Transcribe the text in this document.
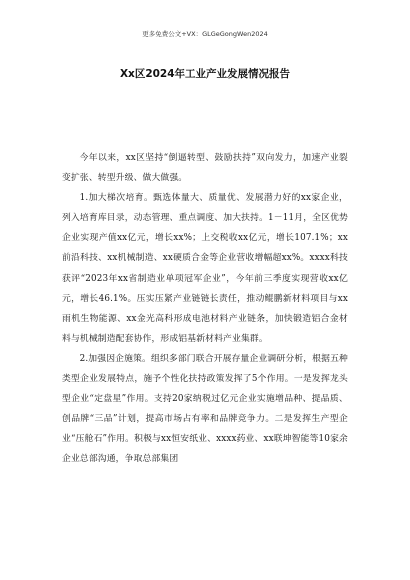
更多免费公文+VX：GLGeGongWen2024
Xx区2024年工业产业发展情况报告

今年以来，xx区坚持“倒逼转型、鼓励扶持”双向发力，加速产业裂变扩张、转型升级、做大做强。

1.加大梯次培育。甄选体量大、质量优、发展潜力好的xx家企业，列入培育库目录，动态管理、重点调度、加大扶持。1－11月，全区优势企业实现产值xx亿元，增长xx%；上交税收xx亿元，增长107.1%；xx前沿科技、xx机械制造、xx硬质合金等企业营收增幅超xx%。xxxx科技获评“2023年xx省制造业单项冠军企业”，今年前三季度实现营收xx亿元，增长46.1%。压实压紧产业链链长责任，推动鲲鹏新材料项目与xx雨机生物能源、xx金光高科形成电池材料产业链条，加快锻造铝合金材料与机械制造配套协作，形成铝基新材料产业集群。

2.加强因企施策。组织多部门联合开展存量企业调研分析，根据五种类型企业发展特点，施予个性化扶持政策发挥了5个作用。一是发挥龙头型企业“定盘星”作用。支持20家纳税过亿元企业实施增品种、提品质、创品牌“三品”计划，提高市场占有率和品牌竞争力。二是发挥生产型企业“压舱石”作用。积极与xx恒安纸业、xxxx药业、xx联坤智能等10家余企业总部沟通，争取总部集团
